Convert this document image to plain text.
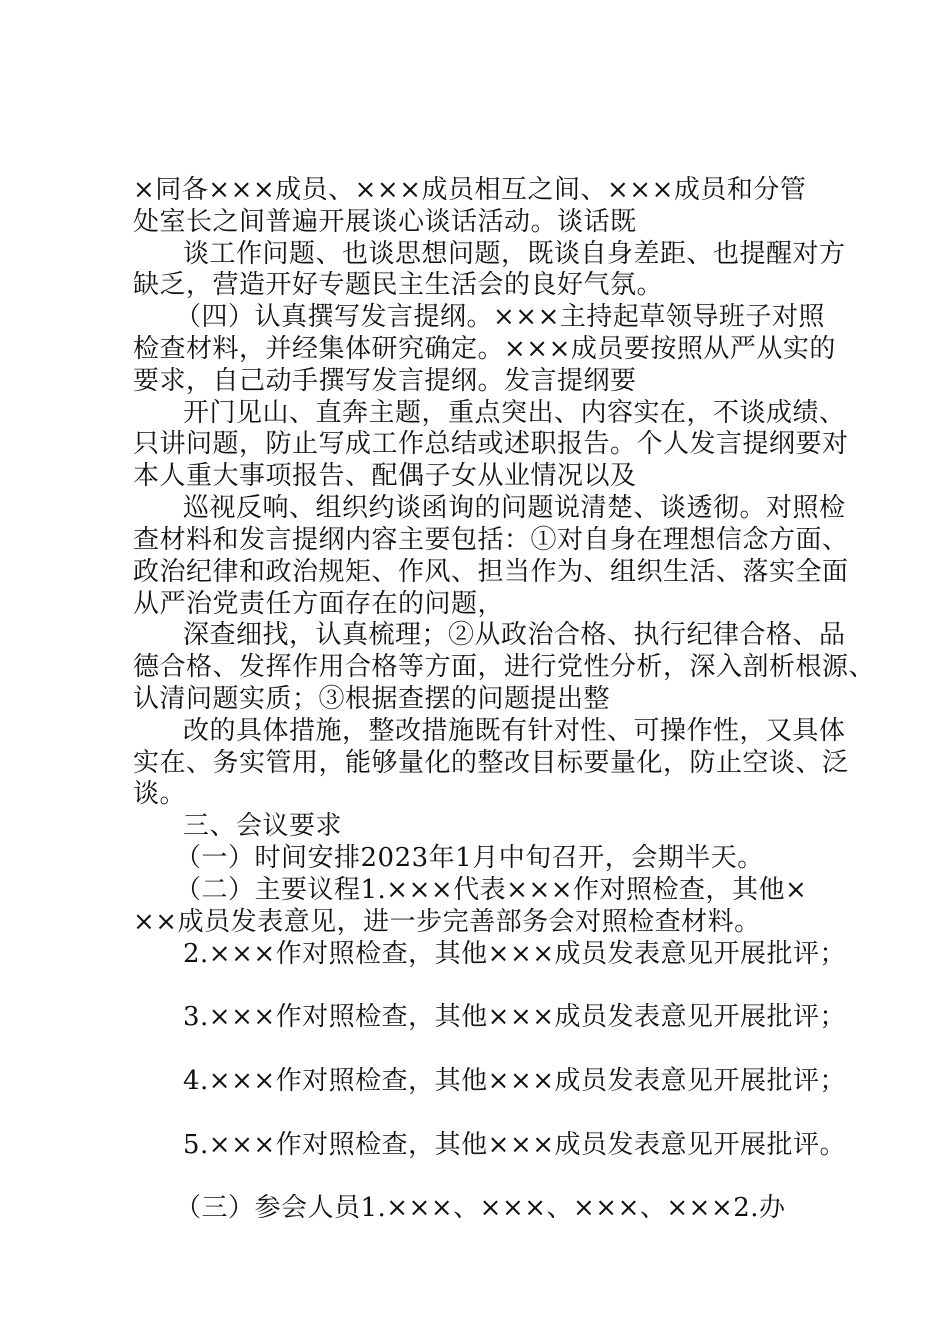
×同各×××成员、×××成员相互之间、×××成员和分管
处室长之间普遍开展谈心谈话活动。谈话既
谈工作问题、也谈思想问题，既谈自身差距、也提醒对方
缺乏，营造开好专题民主生活会的良好气氛。
（四）认真撰写发言提纲。×××主持起草领导班子对照
检查材料，并经集体研究确定。×××成员要按照从严从实的
要求，自己动手撰写发言提纲。发言提纲要
开门见山、直奔主题，重点突出、内容实在，不谈成绩、
只讲问题，防止写成工作总结或述职报告。个人发言提纲要对
本人重大事项报告、配偶子女从业情况以及
巡视反响、组织约谈函询的问题说清楚、谈透彻。对照检
查材料和发言提纲内容主要包括：①对自身在理想信念方面、
政治纪律和政治规矩、作风、担当作为、组织生活、落实全面
从严治党责任方面存在的问题，
深查细找，认真梳理；②从政治合格、执行纪律合格、品
德合格、发挥作用合格等方面，进行党性分析，深入剖析根源、
认清问题实质；③根据查摆的问题提出整
改的具体措施，整改措施既有针对性、可操作性，又具体
实在、务实管用，能够量化的整改目标要量化，防止空谈、泛
谈。
三、会议要求
（一）时间安排2023年1月中旬召开，会期半天。
（二）主要议程1.×××代表×××作对照检查，其他×
××成员发表意见，进一步完善部务会对照检查材料。
2.×××作对照检查，其他×××成员发表意见开展批评；
3.×××作对照检查，其他×××成员发表意见开展批评；
4.×××作对照检查，其他×××成员发表意见开展批评；
5.×××作对照检查，其他×××成员发表意见开展批评。
（三）参会人员1.×××、×××、×××、×××2.办
